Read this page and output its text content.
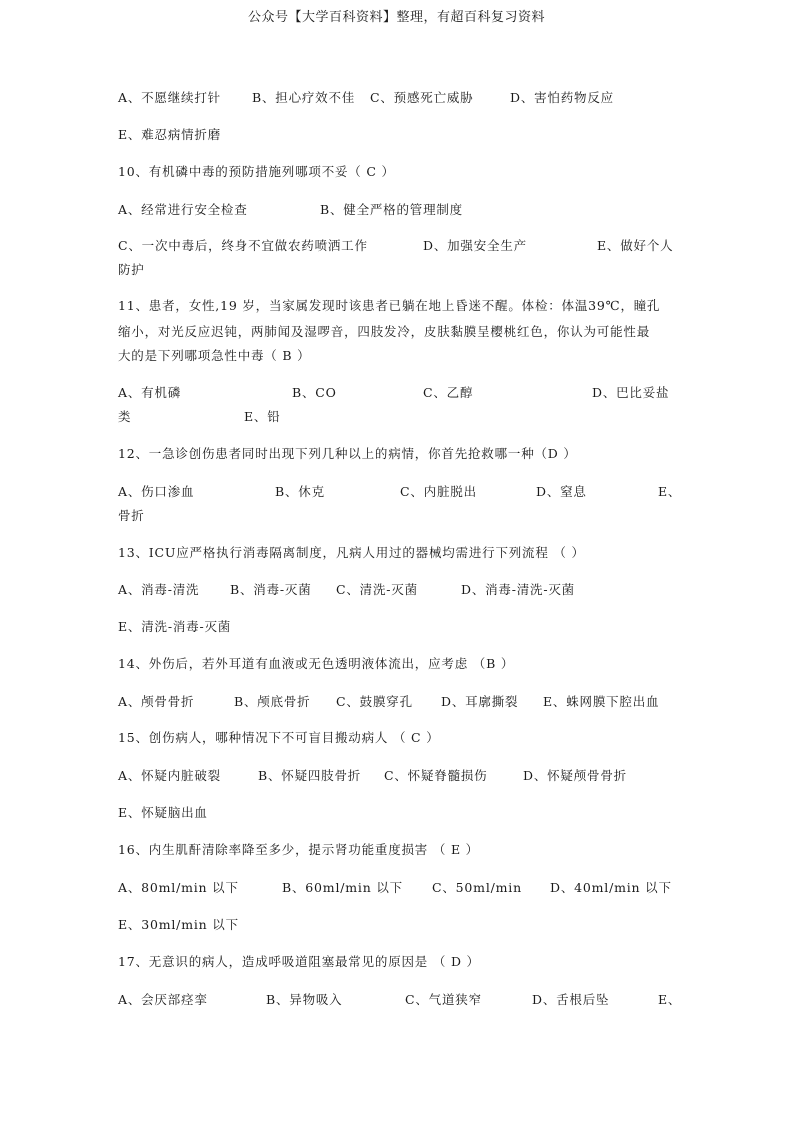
公众号【大学百科资料】整理，有超百科复习资料
A、不愿继续打针 B、担心疗效不佳 C、预感死亡威胁	D、害怕药物反应
E、难忍病情折磨
10、有机磷中毒的预防措施列哪项不妥（ C ）
A、经常进行安全检查	B、健全严格的管理制度
C、一次中毒后，终身不宜做农药喷洒工作	D、加强安全生产	E、做好个人
防护
11、患者，女性,19 岁，当家属发现时该患者已躺在地上昏迷不醒。体检：体温39℃，瞳孔
缩小，对光反应迟钝，两肺闻及湿啰音，四肢发冷，皮肤黏膜呈樱桃红色，你认为可能性最
大的是下列哪项急性中毒（ B ）
A、有机磷	B、CO	C、乙醇	D、巴比妥盐
类	E、铅
12、一急诊创伤患者同时出现下列几种以上的病情，你首先抢救哪一种（D ）
A、伤口渗血	B、休克	C、内脏脱出	D、窒息	E、
骨折
13、ICU应严格执行消毒隔离制度，凡病人用过的器械均需进行下列流程 （ ）
A、消毒-清洗 B、消毒-灭菌 C、清洗-灭菌	D、消毒-清洗-灭菌
E、清洗-消毒-灭菌
14、外伤后，若外耳道有血液或无色透明液体流出，应考虑 （B ）
A、颅骨骨折	B、颅底骨折 C、鼓膜穿孔 D、耳廓撕裂 E、蛛网膜下腔出血
15、创伤病人，哪种情况下不可盲目搬动病人 （ C ）
A、怀疑内脏破裂	B、怀疑四肢骨折 C、怀疑脊髓损伤	D、怀疑颅骨骨折
E、怀疑脑出血
16、内生肌酐清除率降至多少，提示肾功能重度损害 （ E ）
A、80ml/min 以下	B、60ml/min 以下 C、50ml/min D、40ml/min 以下
E、30ml/min 以下
17、无意识的病人，造成呼吸道阻塞最常见的原因是 （ D ）
A、会厌部痉挛	B、异物吸入	C、气道狭窄	D、舌根后坠	E、
